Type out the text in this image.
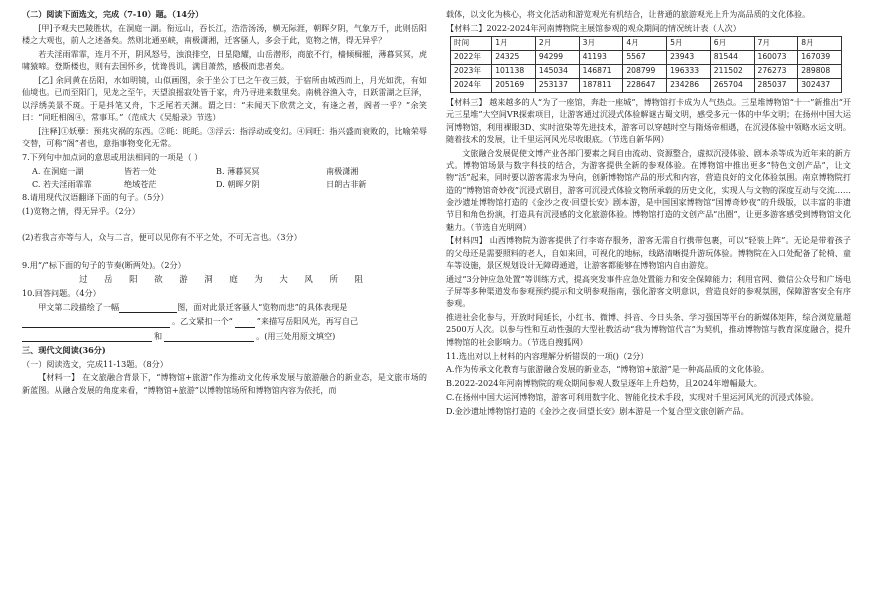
（二）阅读下面选文，完成（7-10）题。（14分）

[甲]予观夫巴陵胜状，在洞庭一湖。衔远山，吞长江，浩浩汤汤，横无际涯，朝晖夕阴，气象万千，此则岳阳楼之大观也，前人之述备矣。然则北通巫峡，南极潇湘，迁客骚人，多会于此，览物之情，得无异乎？

若夫淫雨霏霏，连月不开，阴风怒号，浊浪排空，日星隐耀，山岳潜形，商旅不行，樯倾楫摧，薄暮冥冥，虎啸猿啼。登斯楼也，则有去国怀乡，忧谗畏讥，满目萧然，感极而悲者矣。

[乙] 余同黄在岳阳，水如明镜，山似画图，余于坐公丁巳之午夜三鼓，于宿所由城西而上，月光如洗，有如仙境也。已而至阳门，见龙之至午，天望浪摇寂处皆于家，舟乃寻进来数里矣。南桃谷渔入寺，日跃雷湖之巨泽，以浮绣美景不斑。于是抖笔又舟，卞乏尾若天渊。谓之曰：“未闻天下欣赏之文，有逢之者，阁者一乎？”余笑曰：“同旺相阁④，常事耳。”（范成大《吴船录》节选）

[注释]①妖孽：预兆灾祸的东西。②眊：眊眊。③浮云：指浮动或变幻。④同旺：指兴盛而衰败的，比喻荣辱交替，可称“阁”者也，意指事物变化无常。

7.下列句中加点词的意思或用法相同的一项是（ ）

A. 在洞庭一湖	皆若一处	B. 薄暮冥冥	南极潇湘
C. 若夫淫雨霏霏	绝域苍茫	D. 朝晖夕阴	日朗古非新

8.请用现代汉语翻译下面的句子。（5分）

(1)览物之情，得无异乎。（2分）

(2)若我言亦等与人，众与二言，便可以见你有不平之处，不可无言也。（3分）

9.用“/”标下面的句子的节奏(断两处)。（2分）

过 岳 阳 欲 游 洞 庭 为 大 风 所 阻

10.回答问题。（4分）

甲文第二段描绘了一幅	图，面对此景迁客骚人“览物而悲”的具体表现是
。乙文紧扣一个“	”来描写岳阳风光，再写自己
和	。(用三处用原文填空)

三、现代文阅读(36分)

（一）阅读选文，完成11-13题。（8分）

【材料一】 在文旅融合背景下，“博物馆+旅游”作为推动文化传承发展与旅游融合的新业态，是文旅市场的新蓝图。从融合发展的角度来看，“博物馆+旅游”以博物馆场所和博物馆内容为依托，而

载体，以文化为核心，将文化活动和游览观光有机结合，让普通的旅游观光上升为高品质的文化体验。

【材料二】2022-2024年河南博物院主展馆参观的观众期间的情况统计表（人次）

时间	1月	2月	3月	4月	5月	6月	7月	8月
2022年	24325	94299	41193	5567	23943	81544	160073	167039
2023年	101138	145034	146871	208799	196333	211502	276273	289808
2024年	205169	253137	187811	228647	234286	265704	285037	302437

【材料三】 越来越多的人“为了一座馆，奔赴一座城”，博物馆打卡成为人气热点。三星堆博物馆“十一”新推出“开元三星堆”大空间VR探索项目，让游客通过沉浸式体验解谜古蜀文明，感受多元一体的中华文明；在扬州中国大运河博物馆，利用裸眼3D、实时渲染等先进技术，游客可以穿越时空与隋炀帝相遇，在沉浸体验中领略水运文明。随着技术的发展，让千里运河风光尽收眼底。（节选自新华网）

文旅融合发展促使文博产业各部门要素之间自由流动、资源整合，虚拟沉浸体验、剧本杀等成为近年来的新方式。博物馆场景与数字科技的结合，为游客提供全新的参观体验。在博物馆中推出更多“特色文创产品”，让文物“活”起来，同时要以游客需求为导向，创新博物馆产品的形式和内容，营造良好的文化体验氛围。南京博物院打造的“博物馆奇妙夜”沉浸式剧目，游客可沉浸式体验文物所承载的历史文化，实现人与文物的深度互动与交流……金沙遗址博物馆打造的《金沙之夜·回望长安》剧本游，是中国国家博物馆“国博奇妙夜”的升级版，以丰富的非遗节目和角色扮演，打造具有沉浸感的文化旅游体验。博物馆打造的文创产品“出圈”，让更多游客感受到博物馆文化魅力。（节选自光明网）

【材料四】 山西博物院为游客提供了行李寄存服务，游客无需自行携带包裹，可以“轻装上阵”。无论是带着孩子的父母还是需要照料的老人，自如来回，可视化的地标，线路清晰提升游玩体验。博物院在入口处配备了轮椅、童车等设施，景区规划设计无障碍通道，让游客都能够在博物馆内自由游览。

通过“3分钟应急处置”等训练方式，提高突发事件应急处置能力和安全保障能力；利用官网、微信公众号和广场电子屏等多种渠道发布参观预约提示和文明参观指南，强化游客文明意识，营造良好的参观氛围，保障游客安全有序参观。

推进社会化参与，开放时间延长，小红书、微博、抖音、今日头条、学习强国等平台的新媒体矩阵，综合浏览量超2500万人次。以参与性和互动性强的大型社教活动“我为博物馆代言”为契机，推动博物馆与教育深度融合，提升博物馆的社会影响力。（节选自搜狐网）

11.选出对以上材料的内容理解分析错误的一项()（2分）

A.作为传承文化教育与旅游融合发展的新业态，“博物馆+旅游”是一种高品质的文化体验。

B.2022-2024年河南博物院的观众期间参观人数呈逐年上升趋势，且2024年增幅最大。

C.在扬州中国大运河博物馆，游客可利用数字化、智能化技术手段，实现对千里运河风光的沉浸式体验。

D.金沙遗址博物馆打造的《金沙之夜·回望长安》剧本游是一个复合型文旅创新产品。
